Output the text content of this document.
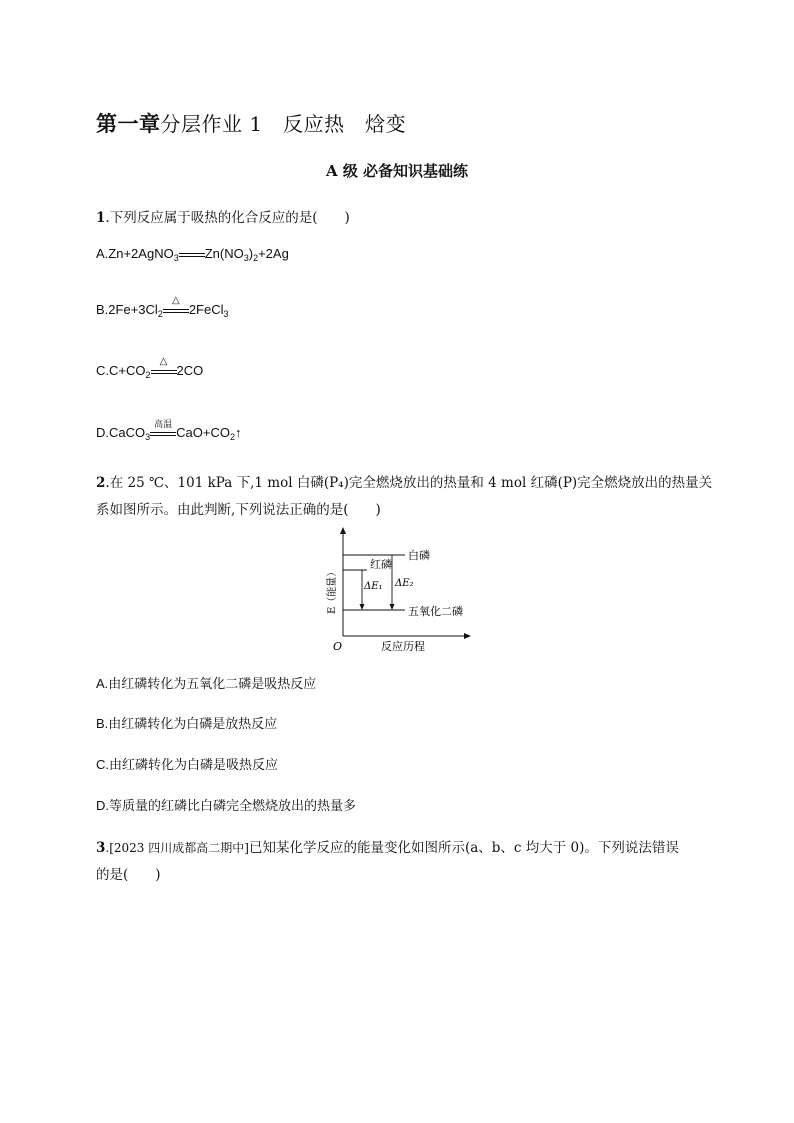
第一章分层作业 1　反应热　焓变
A 级 必备知识基础练
1.下列反应属于吸热的化合反应的是(　　)
A.Zn+2AgNO$_3$ $Zn(NO_3)_2+2Ag$
$B.2Fe+3Cl_2$
△
2FeCl$_3$
$C.C+CO_2$
△
2CO
D.CaCO$_3$
高温
$CaO+CO_2↑$
2.在 25 ℃、101 kPa 下,1 mol 白磷(P₄)完全燃烧放出的热量和 4 mol 红磷(P)完全燃烧放出的热量关
系如图所示。由此判断,下列说法正确的是(　　)
白磷
红磷
五氧化二磷
ΔE₁ ΔE₂
O	反应历程
E（能量）
A.由红磷转化为五氧化二磷是吸热反应
B.由红磷转化为白磷是放热反应
C.由红磷转化为白磷是吸热反应
D.等质量的红磷比白磷完全燃烧放出的热量多
3.[2023 四川成都高二期中]已知某化学反应的能量变化如图所示(a、b、c 均大于 0)。下列说法错误
的是(　　)
